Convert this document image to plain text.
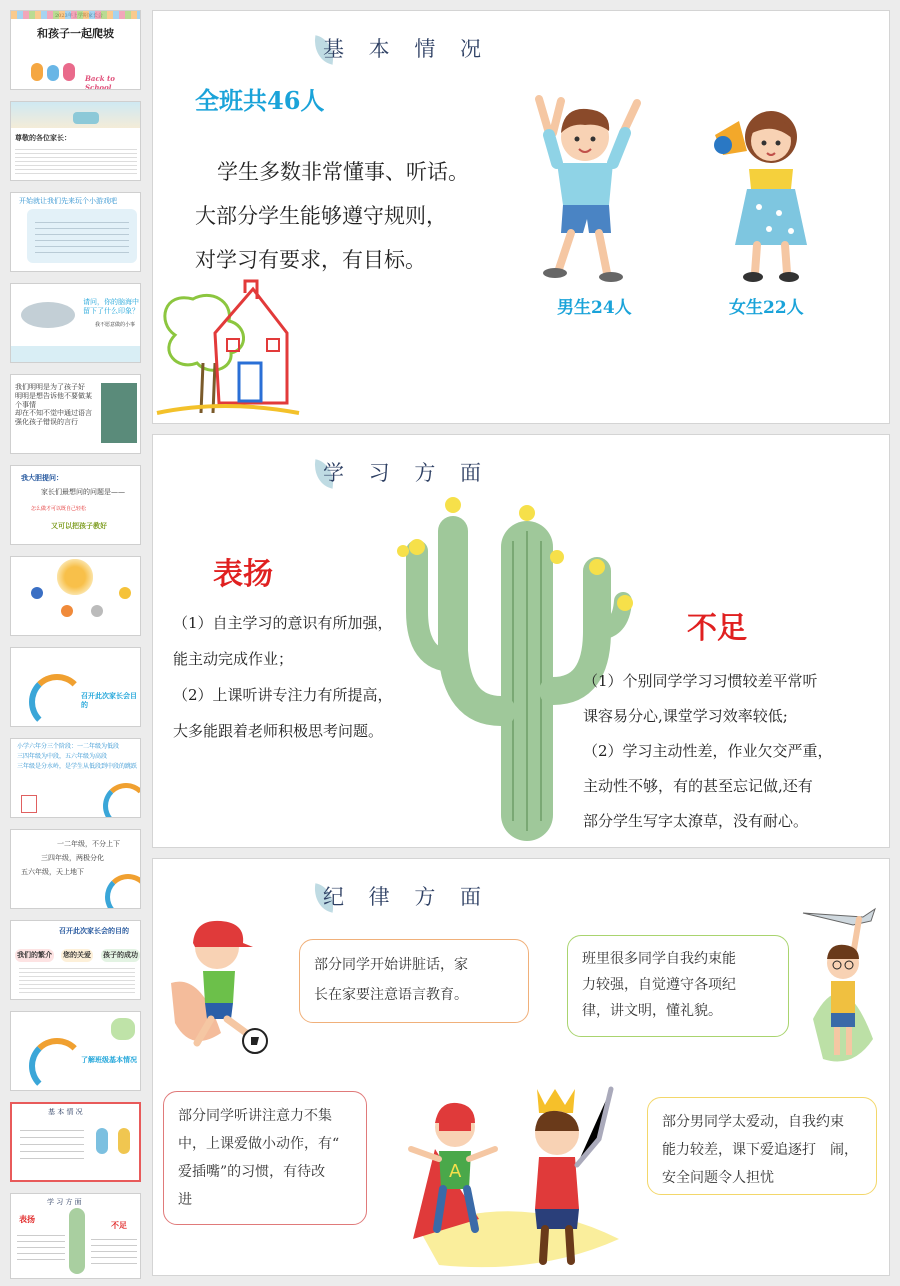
和孩子一起爬坡
Back to School
尊敬的各位家长：
开始就让我们先来玩个小游戏吧
请问，你的脑海中留下了什么印象？
我不愿意做的小事
我们明明是为了孩子好
明明是想告诉他不要做某个事情
却在不知不觉中通过语言
强化孩子错误的言行
我大胆提问：
家长们最想问的问题是——
怎么做才可以既自己轻松
又可以把孩子教好
召开此次家长会目的
小学六年分三个阶段：一二年级为低段
三四年级为中段，五六年级为高段
三年级是分水岭，是学生从低段到中段的跳跃
一二年级，不分上下
三四年级，两极分化
五六年级，天上地下
召开此次家长会的目的
我们的繁介 您的关爱 孩子的成功
了解班级基本情况
基 本 情 况
学 习 方 面
表扬
不足
基 本 情 况
全班共46人
学生多数非常懂事、听话。
大部分学生能够遵守规则，
对学习有要求，有目标。
男生24人	女生22人
学 习 方 面
表扬
（1）自主学习的意识有所加强，
能主动完成作业；
（2）上课听讲专注力有所提高，
大多能跟着老师积极思考问题。
不足
（1）个别同学学习习惯较差平常听
课容易分心,课堂学习效率较低;
（2）学习主动性差，作业欠交严重，
主动性不够，有的甚至忘记做,还有
部分学生写字太潦草，没有耐心。
纪 律 方 面
部分同学开始讲脏话，家
长在家要注意语言教育。
班里很多同学自我约束能
力较强，自觉遵守各项纪
律，讲文明，懂礼貌。
部分同学听讲注意力不集
中，上课爱做小动作，有“
爱插嘴”的习惯，有待改
进
A
部分男同学太爱动，自我约束
能力较差，课下爱追逐打　闹，
安全问题令人担忧
